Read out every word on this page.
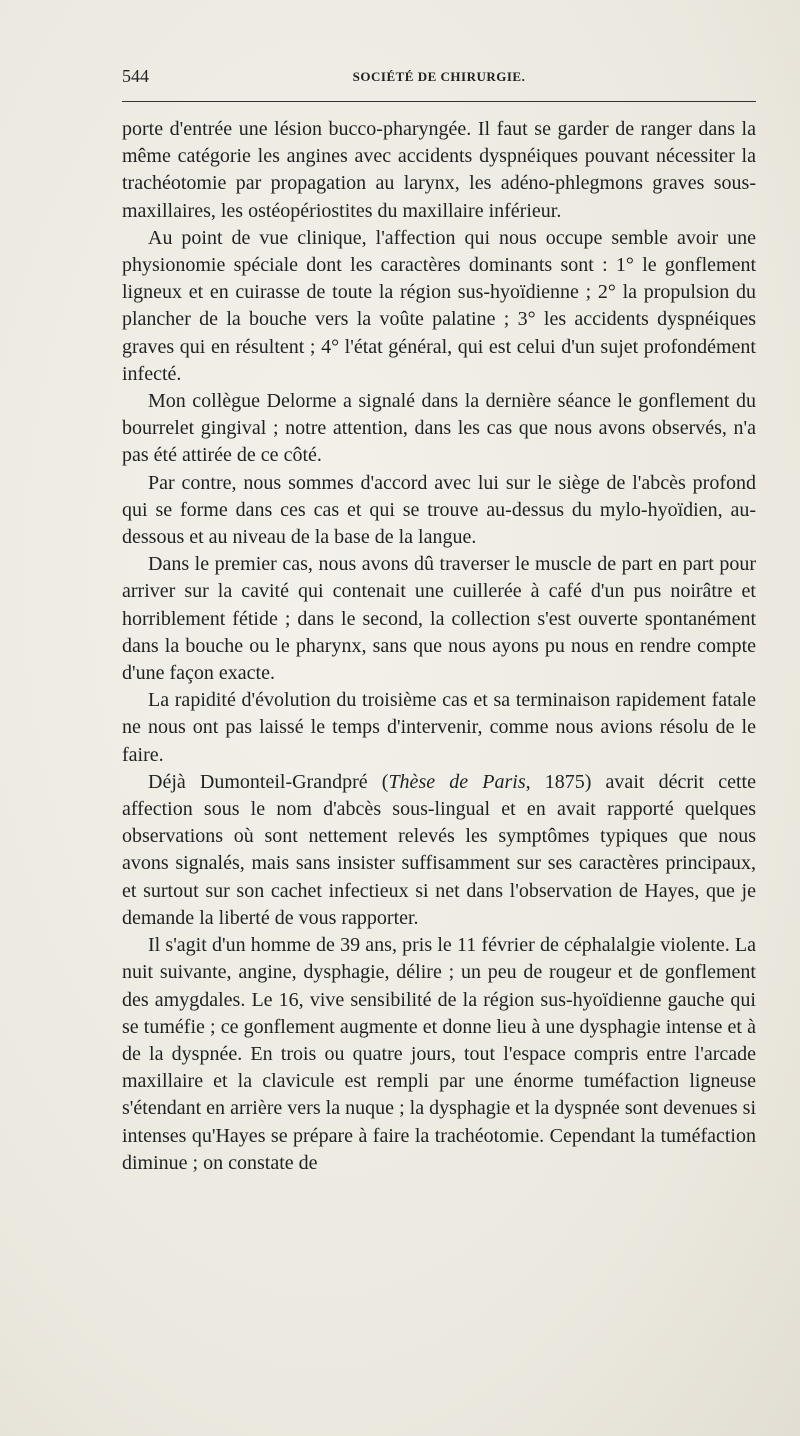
544	SOCIÉTÉ DE CHIRURGIE.

porte d'entrée une lésion bucco-pharyngée. Il faut se garder de ranger dans la même catégorie les angines avec accidents dyspnéiques pouvant nécessiter la trachéotomie par propagation au larynx, les adéno-phlegmons graves sous-maxillaires, les ostéopériostites du maxillaire inférieur.

Au point de vue clinique, l'affection qui nous occupe semble avoir une physionomie spéciale dont les caractères dominants sont : 1° le gonflement ligneux et en cuirasse de toute la région sus-hyoïdienne ; 2° la propulsion du plancher de la bouche vers la voûte palatine ; 3° les accidents dyspnéiques graves qui en résultent ; 4° l'état général, qui est celui d'un sujet profondément infecté.

Mon collègue Delorme a signalé dans la dernière séance le gonflement du bourrelet gingival ; notre attention, dans les cas que nous avons observés, n'a pas été attirée de ce côté.

Par contre, nous sommes d'accord avec lui sur le siège de l'abcès profond qui se forme dans ces cas et qui se trouve au-dessus du mylo-hyoïdien, au-dessous et au niveau de la base de la langue.

Dans le premier cas, nous avons dû traverser le muscle de part en part pour arriver sur la cavité qui contenait une cuillerée à café d'un pus noirâtre et horriblement fétide ; dans le second, la collection s'est ouverte spontanément dans la bouche ou le pharynx, sans que nous ayons pu nous en rendre compte d'une façon exacte.

La rapidité d'évolution du troisième cas et sa terminaison rapidement fatale ne nous ont pas laissé le temps d'intervenir, comme nous avions résolu de le faire.

Déjà Dumonteil-Grandpré (Thèse de Paris, 1875) avait décrit cette affection sous le nom d'abcès sous-lingual et en avait rapporté quelques observations où sont nettement relevés les symptômes typiques que nous avons signalés, mais sans insister suffisamment sur ses caractères principaux, et surtout sur son cachet infectieux si net dans l'observation de Hayes, que je demande la liberté de vous rapporter.

Il s'agit d'un homme de 39 ans, pris le 11 février de céphalalgie violente. La nuit suivante, angine, dysphagie, délire ; un peu de rougeur et de gonflement des amygdales. Le 16, vive sensibilité de la région sus-hyoïdienne gauche qui se tuméfie ; ce gonflement augmente et donne lieu à une dysphagie intense et à de la dyspnée. En trois ou quatre jours, tout l'espace compris entre l'arcade maxillaire et la clavicule est rempli par une énorme tuméfaction ligneuse s'étendant en arrière vers la nuque ; la dysphagie et la dyspnée sont devenues si intenses qu'Hayes se prépare à faire la trachéotomie. Cependant la tuméfaction diminue ; on constate de
